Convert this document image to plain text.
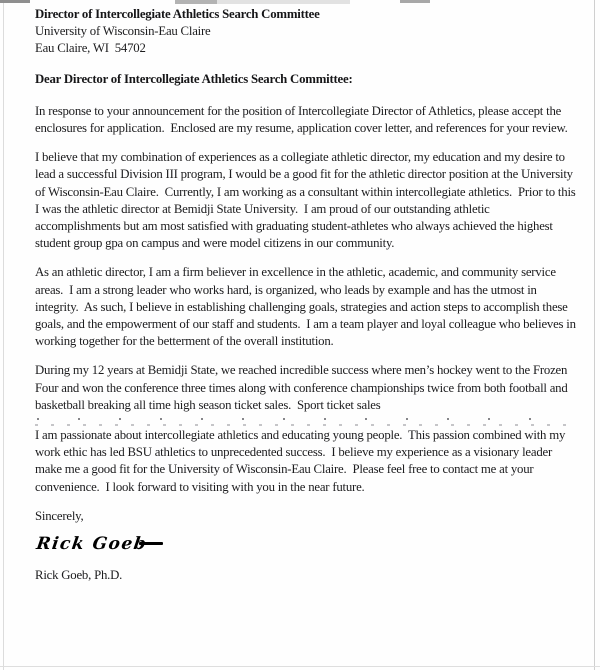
Director of Intercollegiate Athletics Search Committee
University of Wisconsin-Eau Claire
Eau Claire, WI  54702
Dear Director of Intercollegiate Athletics Search Committee:
In response to your announcement for the position of Intercollegiate Director of Athletics, please accept the enclosures for application.  Enclosed are my resume, application cover letter, and references for your review.
I believe that my combination of experiences as a collegiate athletic director, my education and my desire to lead a successful Division III program, I would be a good fit for the athletic director position at the University of Wisconsin-Eau Claire.  Currently, I am working as a consultant within intercollegiate athletics.  Prior to this I was the athletic director at Bemidji State University.  I am proud of our outstanding athletic accomplishments but am most satisfied with graduating student-athletes who always achieved the highest student group gpa on campus and were model citizens in our community.
As an athletic director, I am a firm believer in excellence in the athletic, academic, and community service areas.  I am a strong leader who works hard, is organized, who leads by example and has the utmost in integrity.  As such, I believe in establishing challenging goals, strategies and action steps to accomplish these goals, and the empowerment of our staff and students.  I am a team player and loyal colleague who believes in working together for the betterment of the overall institution.
During my 12 years at Bemidji State, we reached incredible success where men’s hockey went to the Frozen Four and won the conference three times along with conference championships twice from both football and basketball breaking all time high season ticket sales.  Sport ticket sales
I am passionate about intercollegiate athletics and educating young people.  This passion combined with my work ethic has led BSU athletics to unprecedented success.  I believe my experience as a visionary leader make me a good fit for the University of Wisconsin-Eau Claire.  Please feel free to contact me at your convenience.  I look forward to visiting with you in the near future.
Sincerely,
Rick Goeb
Rick Goeb, Ph.D.
